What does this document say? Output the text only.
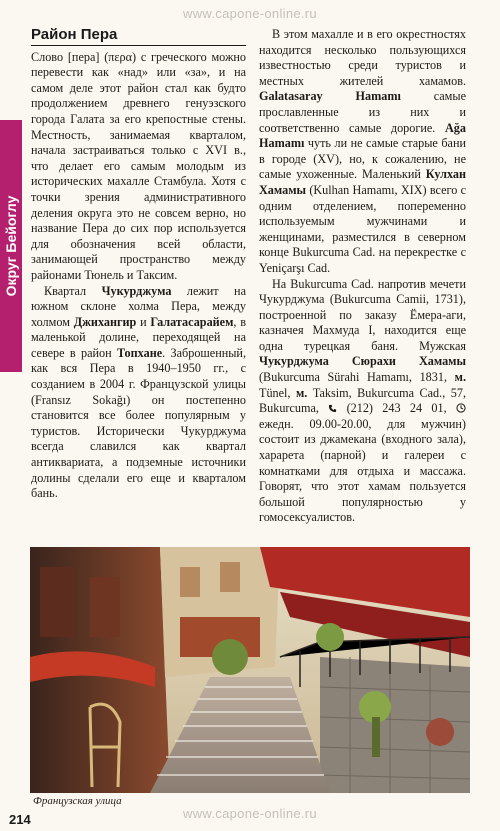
www.capone-online.ru
Округ Бейоглу
Район Пера

Слово [пера] (περα) с греческого можно перевести как «над» или «за», и на самом деле этот район стал как будто продолжением древнего генуэзского города Галата за его крепостные стены. Местность, занимаемая кварталом, начала застраиваться только с XVI в., что делает его самым молодым из исторических махалле Стамбула. Хотя с точки зрения административного деления округа это не совсем верно, но название Пера до сих пор используется для обозначения всей области, занимающей пространство между районами Тюнель и Таксим.

Квартал Чукурджума лежит на южном склоне холма Пера, между холмом Джихангир и Галатасарайем, в маленькой долине, переходящей на севере в район Топхане. Заброшенный, как вся Пера в 1940–1950 гг., с созданием в 2004 г. Французской улицы (Fransız Sokağı) он постепенно становится все более популярным у туристов. Исторически Чукурджума всегда славился как квартал антиквариата, а подземные источники долины сделали его еще и кварталом бань.

В этом махалле и в его окрестностях находится несколько пользующихся известностью среди туристов и местных жителей хамамов. Galatasaray Hamamı самые прославленные из них и соответственно самые дорогие. Ağa Hamamı чуть ли не самые старые бани в городе (XV), но, к сожалению, не самые ухоженные. Маленький Кулхан Хамамы (Kulhan Hamamı, XIX) всего с одним отделением, попеременно используемым мужчинами и женщинами, разместился в северном конце Bukurcuma Cad. на перекрестке с Yeniçarşı Cad.

На Bukurcuma Cad. напротив мечети Чукурджума (Bukurcuma Camii, 1731), построенной по заказу Ёмера-аги, казначея Махмуда I, находится еще одна турецкая баня. Мужская Чукурджума Сюрахи Хамамы (Bukurcuma Sürahi Hamamı, 1831, м. Tünel, м. Taksim, Bukurcuma Cad., 57, Bukurcuma,  (212) 243 24 01,  ежедн. 09.00-20.00, для мужчин) состоит из джамекана (входного зала), харарета (парной) и галереи с комнатками для отдыха и массажа. Говорят, что этот хамам пользуется большой популярностью у гомосексуалистов.

Французская улица
214	www.capone-online.ru
